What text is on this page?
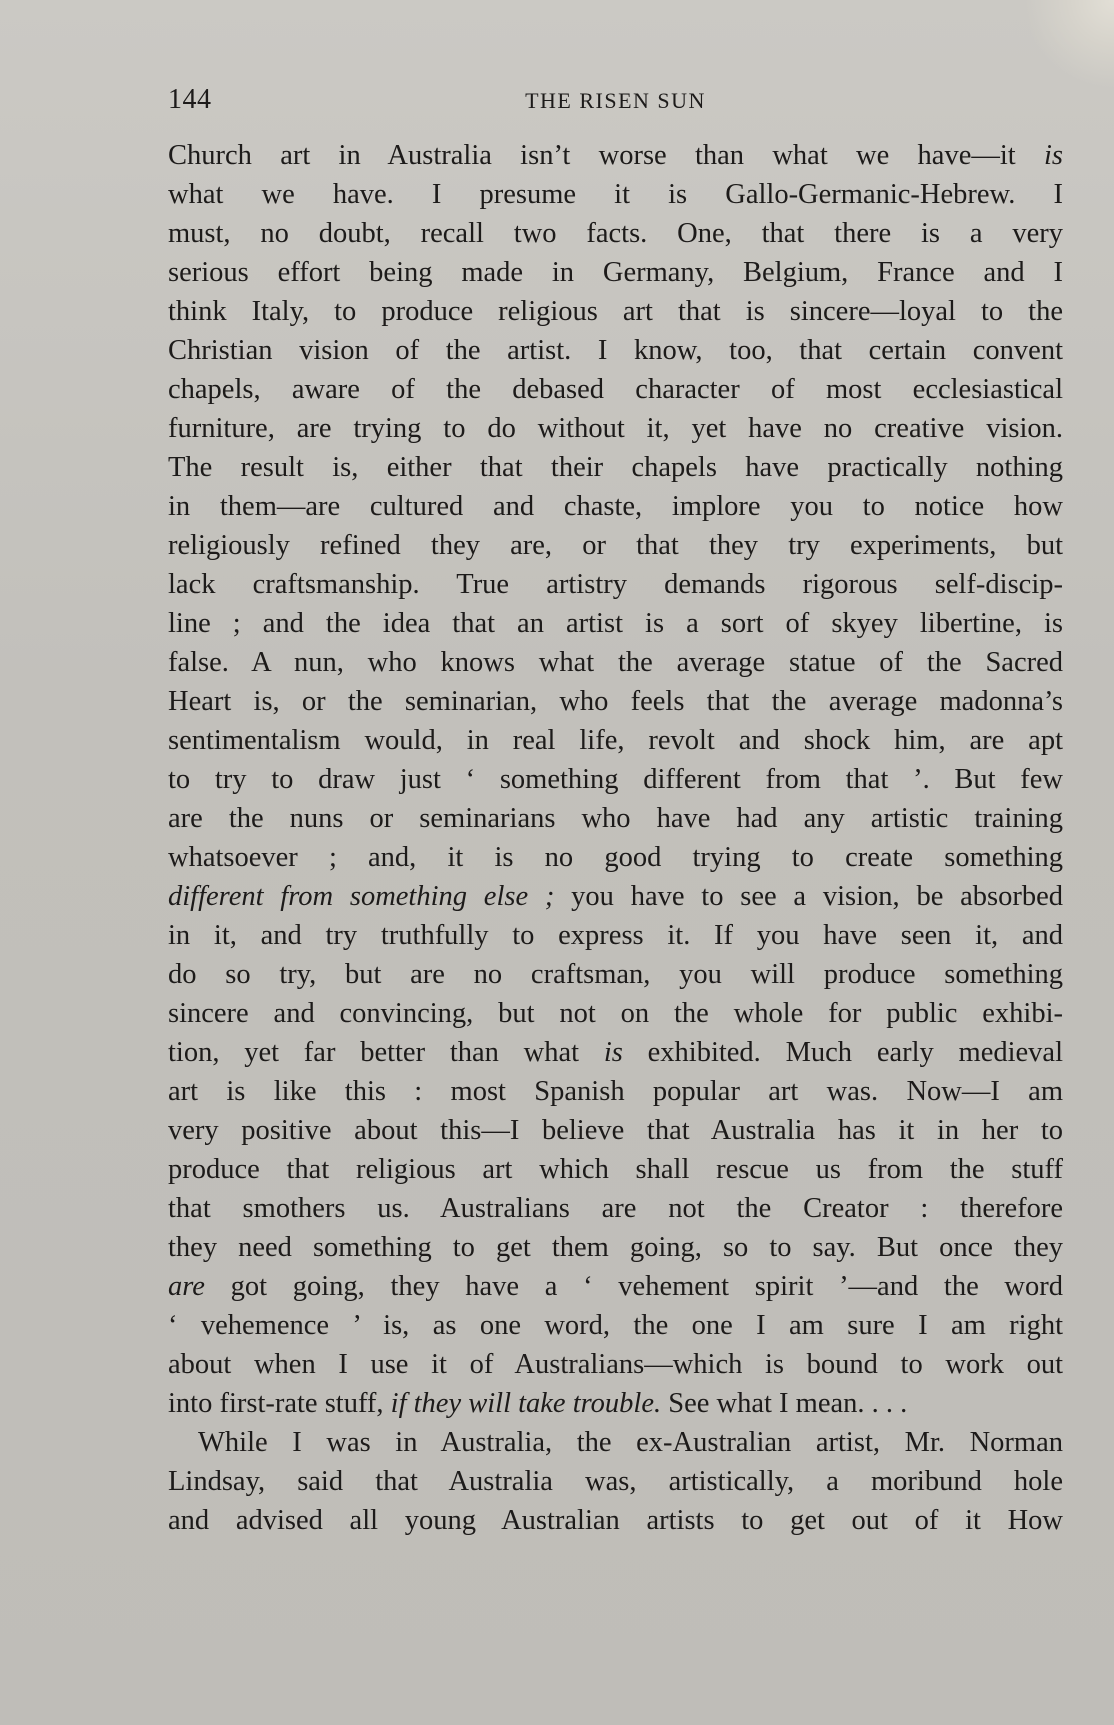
144	THE RISEN SUN
Church art in Australia isn’t worse than what we have—it is
what we have. I presume it is Gallo-Germanic-Hebrew. I
must, no doubt, recall two facts. One, that there is a very
serious effort being made in Germany, Belgium, France and I
think Italy, to produce religious art that is sincere—loyal to the
Christian vision of the artist. I know, too, that certain convent
chapels, aware of the debased character of most ecclesiastical
furniture, are trying to do without it, yet have no creative vision.
The result is, either that their chapels have practically nothing
in them—are cultured and chaste, implore you to notice how
religiously refined they are, or that they try experiments, but
lack craftsmanship. True artistry demands rigorous self-discip-
line ; and the idea that an artist is a sort of skyey libertine, is
false. A nun, who knows what the average statue of the Sacred
Heart is, or the seminarian, who feels that the average madonna’s
sentimentalism would, in real life, revolt and shock him, are apt
to try to draw just ‘ something different from that ’. But few
are the nuns or seminarians who have had any artistic training
whatsoever ; and, it is no good trying to create something
different from something else ; you have to see a vision, be absorbed
in it, and try truthfully to express it. If you have seen it, and
do so try, but are no craftsman, you will produce something
sincere and convincing, but not on the whole for public exhibi-
tion, yet far better than what is exhibited. Much early medieval
art is like this : most Spanish popular art was. Now—I am
very positive about this—I believe that Australia has it in her to
produce that religious art which shall rescue us from the stuff
that smothers us. Australians are not the Creator : therefore
they need something to get them going, so to say. But once they
are got going, they have a ‘ vehement spirit ’—and the word
‘ vehemence ’ is, as one word, the one I am sure I am right
about when I use it of Australians—which is bound to work out
into first-rate stuff, if they will take trouble. See what I mean. . . .
While I was in Australia, the ex-Australian artist, Mr. Norman
Lindsay, said that Australia was, artistically, a moribund hole
and advised all young Australian artists to get out of it How
